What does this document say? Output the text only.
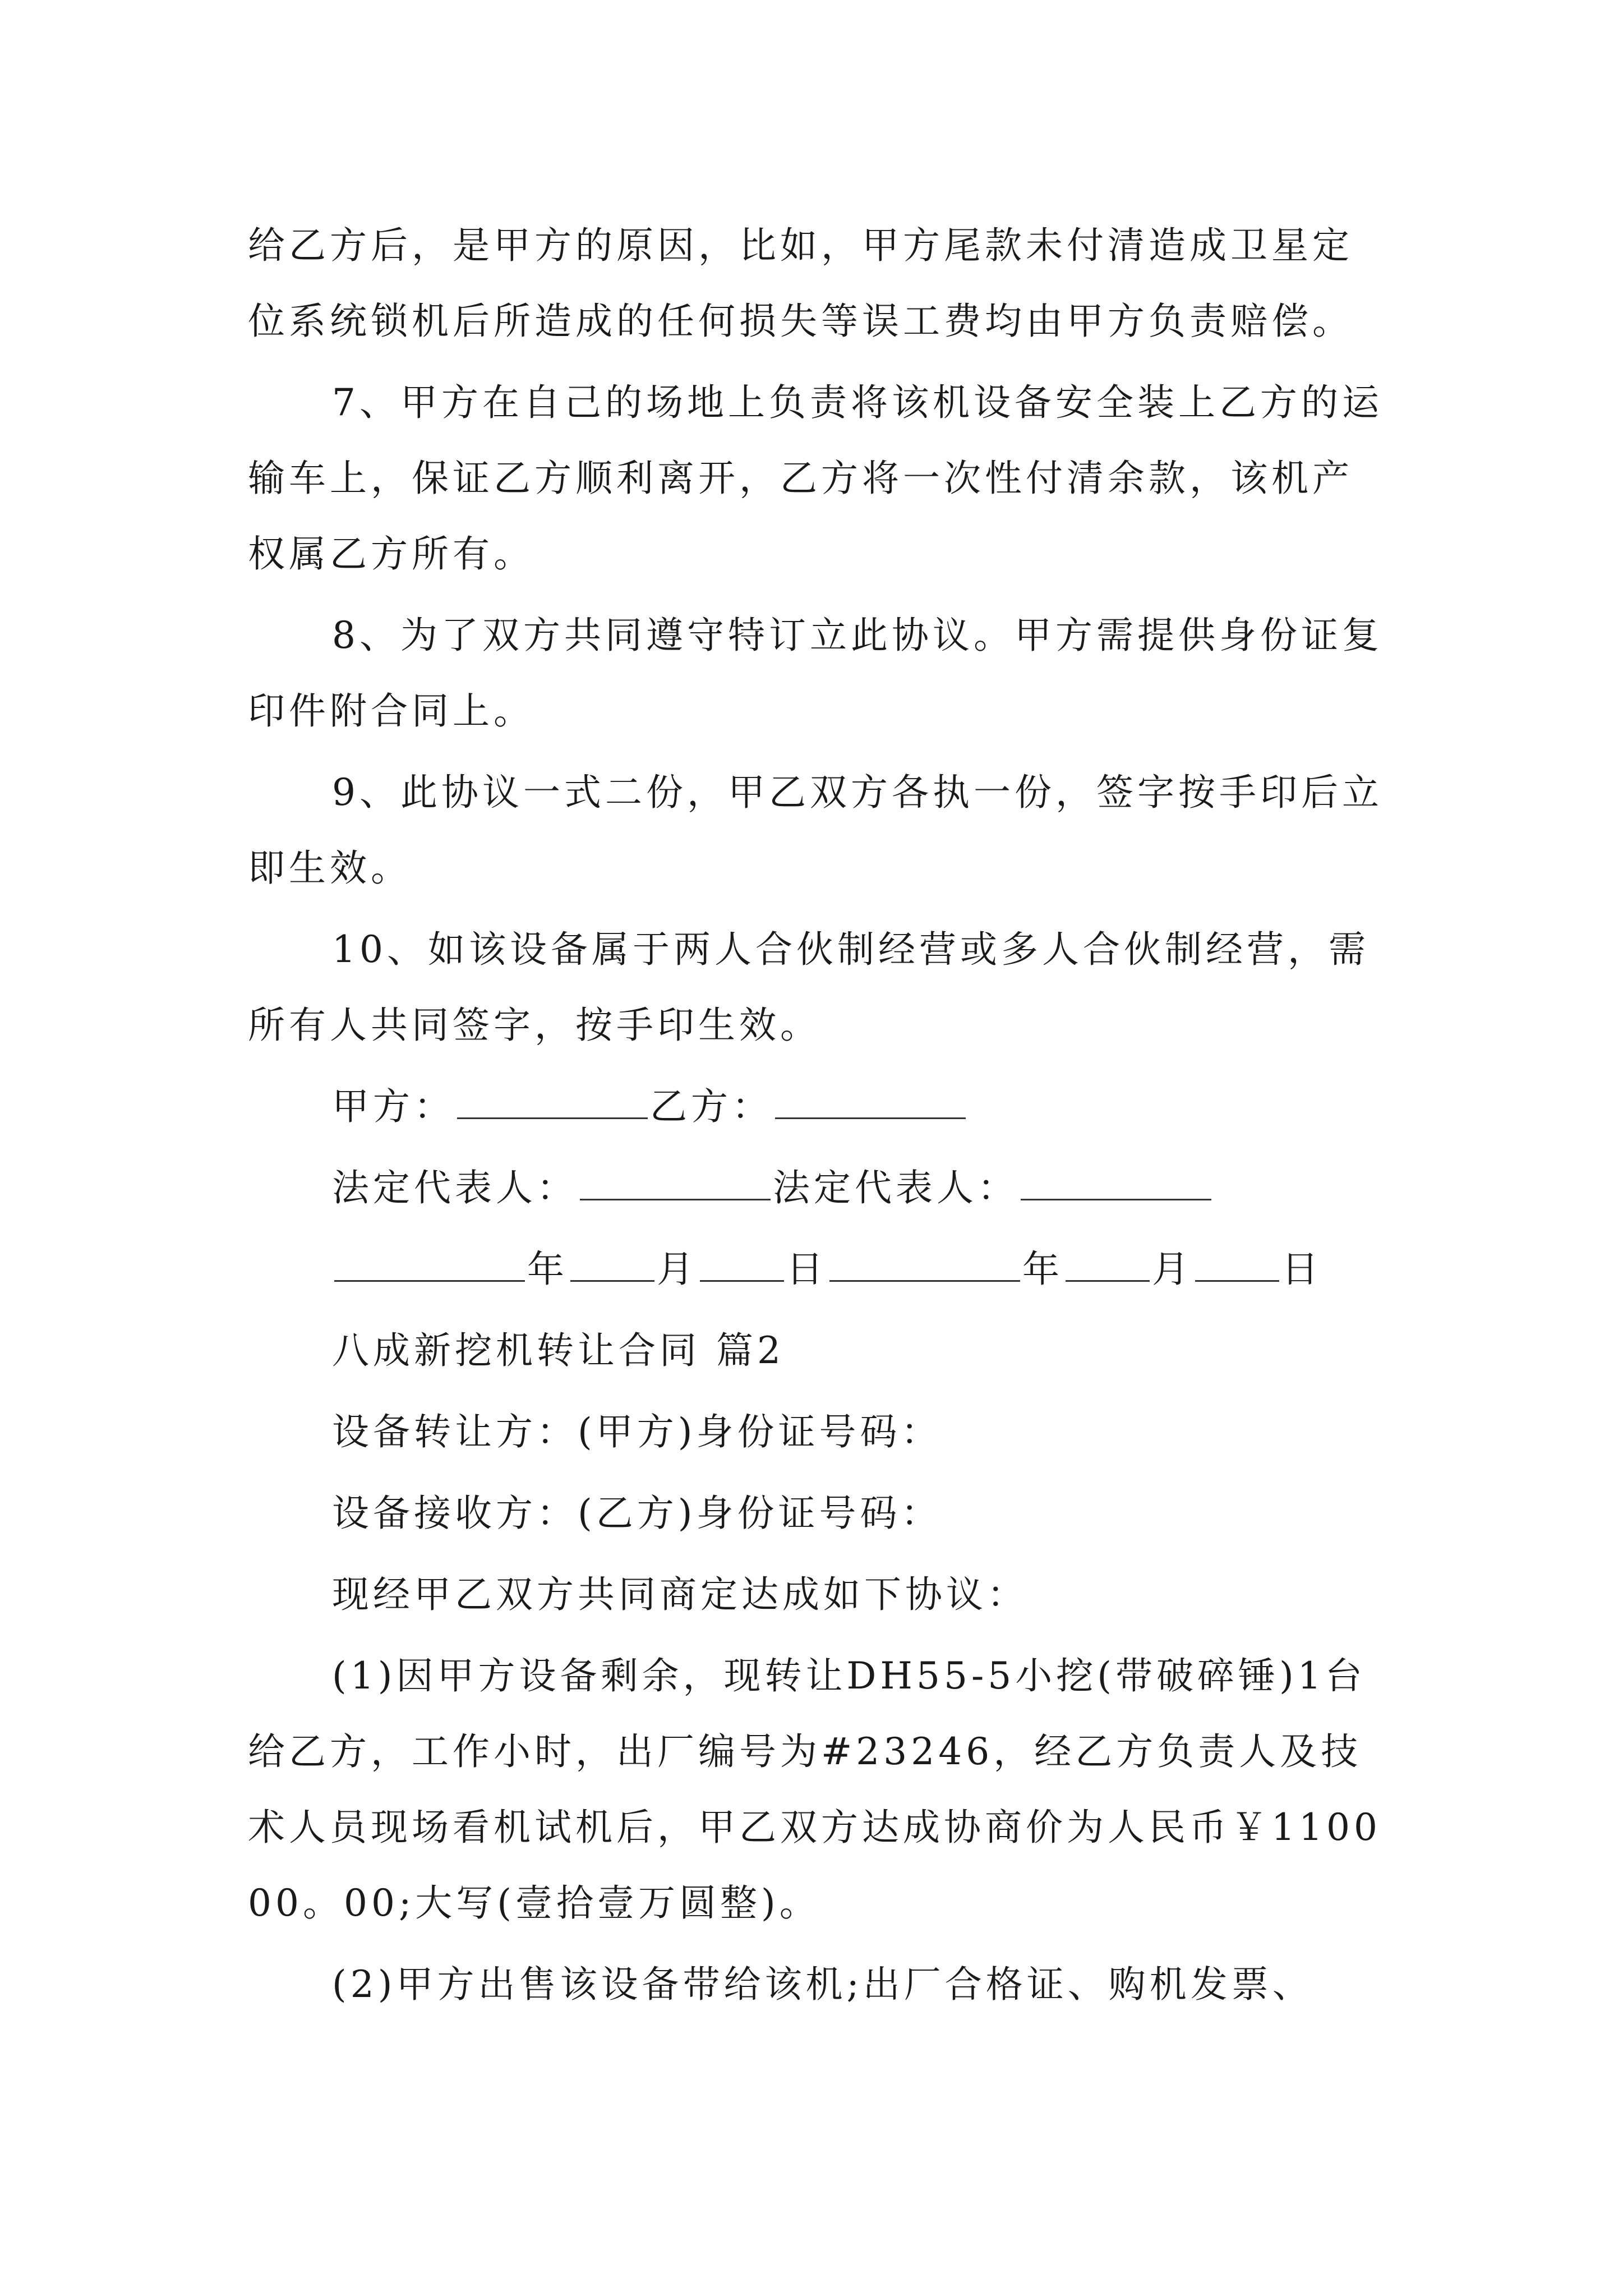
给乙方后，是甲方的原因，比如，甲方尾款未付清造成卫星定位系统锁机后所造成的任何损失等误工费均由甲方负责赔偿。

7、甲方在自己的场地上负责将该机设备安全装上乙方的运输车上，保证乙方顺利离开，乙方将一次性付清余款，该机产权属乙方所有。

8、为了双方共同遵守特订立此协议。甲方需提供身份证复印件附合同上。

9、此协议一式二份，甲乙双方各执一份，签字按手印后立即生效。

10、如该设备属于两人合伙制经营或多人合伙制经营，需所有人共同签字，按手印生效。

甲方：	乙方：
法定代表人：	法定代表人：
年 月 日	年 月 日
八成新挖机转让合同 篇2
设备转让方：(甲方)身份证号码：
设备接收方：(乙方)身份证号码：
现经甲乙双方共同商定达成如下协议：

(1)因甲方设备剩余，现转让DH55-5小挖(带破碎锤)1台给乙方，工作小时，出厂编号为#23246，经乙方负责人及技术人员现场看机试机后，甲乙双方达成协商价为人民币￥110000。00;大写(壹拾壹万圆整)。

(2)甲方出售该设备带给该机;出厂合格证、购机发票、
